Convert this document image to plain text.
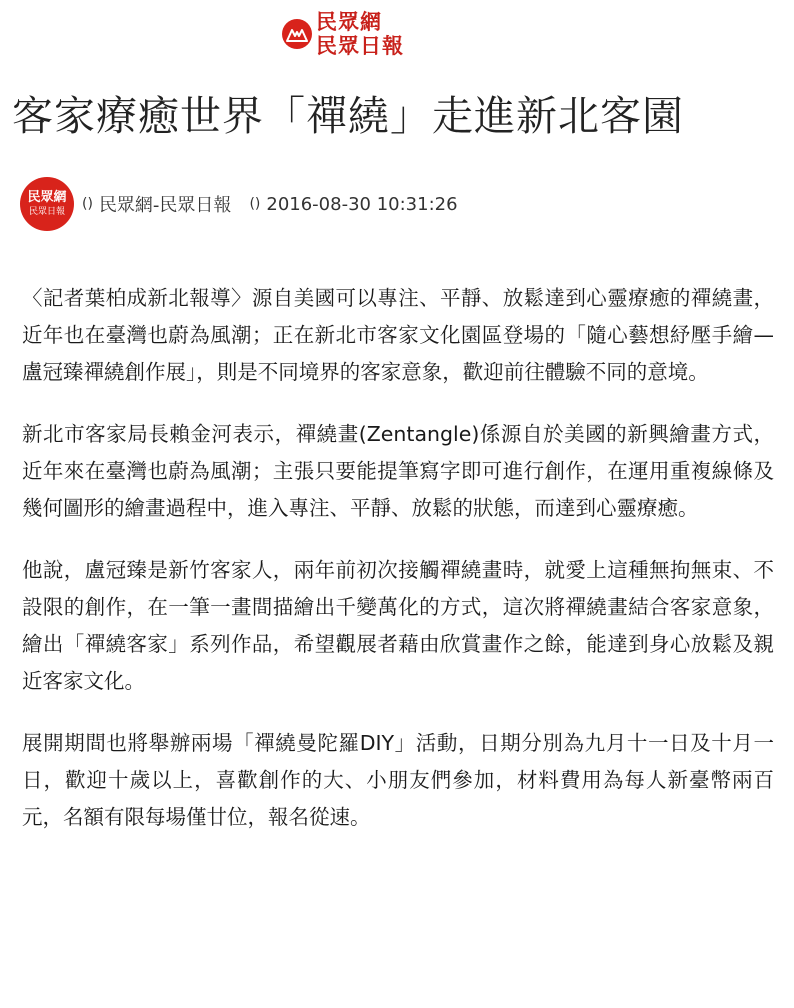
民眾網
民眾日報
客家療癒世界「禪繞」走進新北客園
民眾網
民眾日報 () 民眾網-民眾日報 () 2016-08-30 10:31:26

〈記者葉柏成新北報導〉源自美國可以專注、平靜、放鬆達到心靈療癒的禪繞畫，近年也在臺灣也蔚為風潮；正在新北市客家文化園區登場的「隨心藝想紓壓手繪—盧冠臻禪繞創作展」，則是不同境界的客家意象，歡迎前往體驗不同的意境。

新北市客家局長賴金河表示，禪繞畫(Zentangle)係源自於美國的新興繪畫方式，近年來在臺灣也蔚為風潮；主張只要能提筆寫字即可進行創作，在運用重複線條及幾何圖形的繪畫過程中，進入專注、平靜、放鬆的狀態，而達到心靈療癒。

他說，盧冠臻是新竹客家人，兩年前初次接觸禪繞畫時，就愛上這種無拘無束、不設限的創作，在一筆一畫間描繪出千變萬化的方式，這次將禪繞畫結合客家意象，繪出「禪繞客家」系列作品，希望觀展者藉由欣賞畫作之餘，能達到身心放鬆及親近客家文化。

展開期間也將舉辦兩場「禪繞曼陀羅DIY」活動，日期分別為九月十一日及十月一日，歡迎十歲以上，喜歡創作的大、小朋友們參加，材料費用為每人新臺幣兩百元，名額有限每場僅廿位，報名從速。
